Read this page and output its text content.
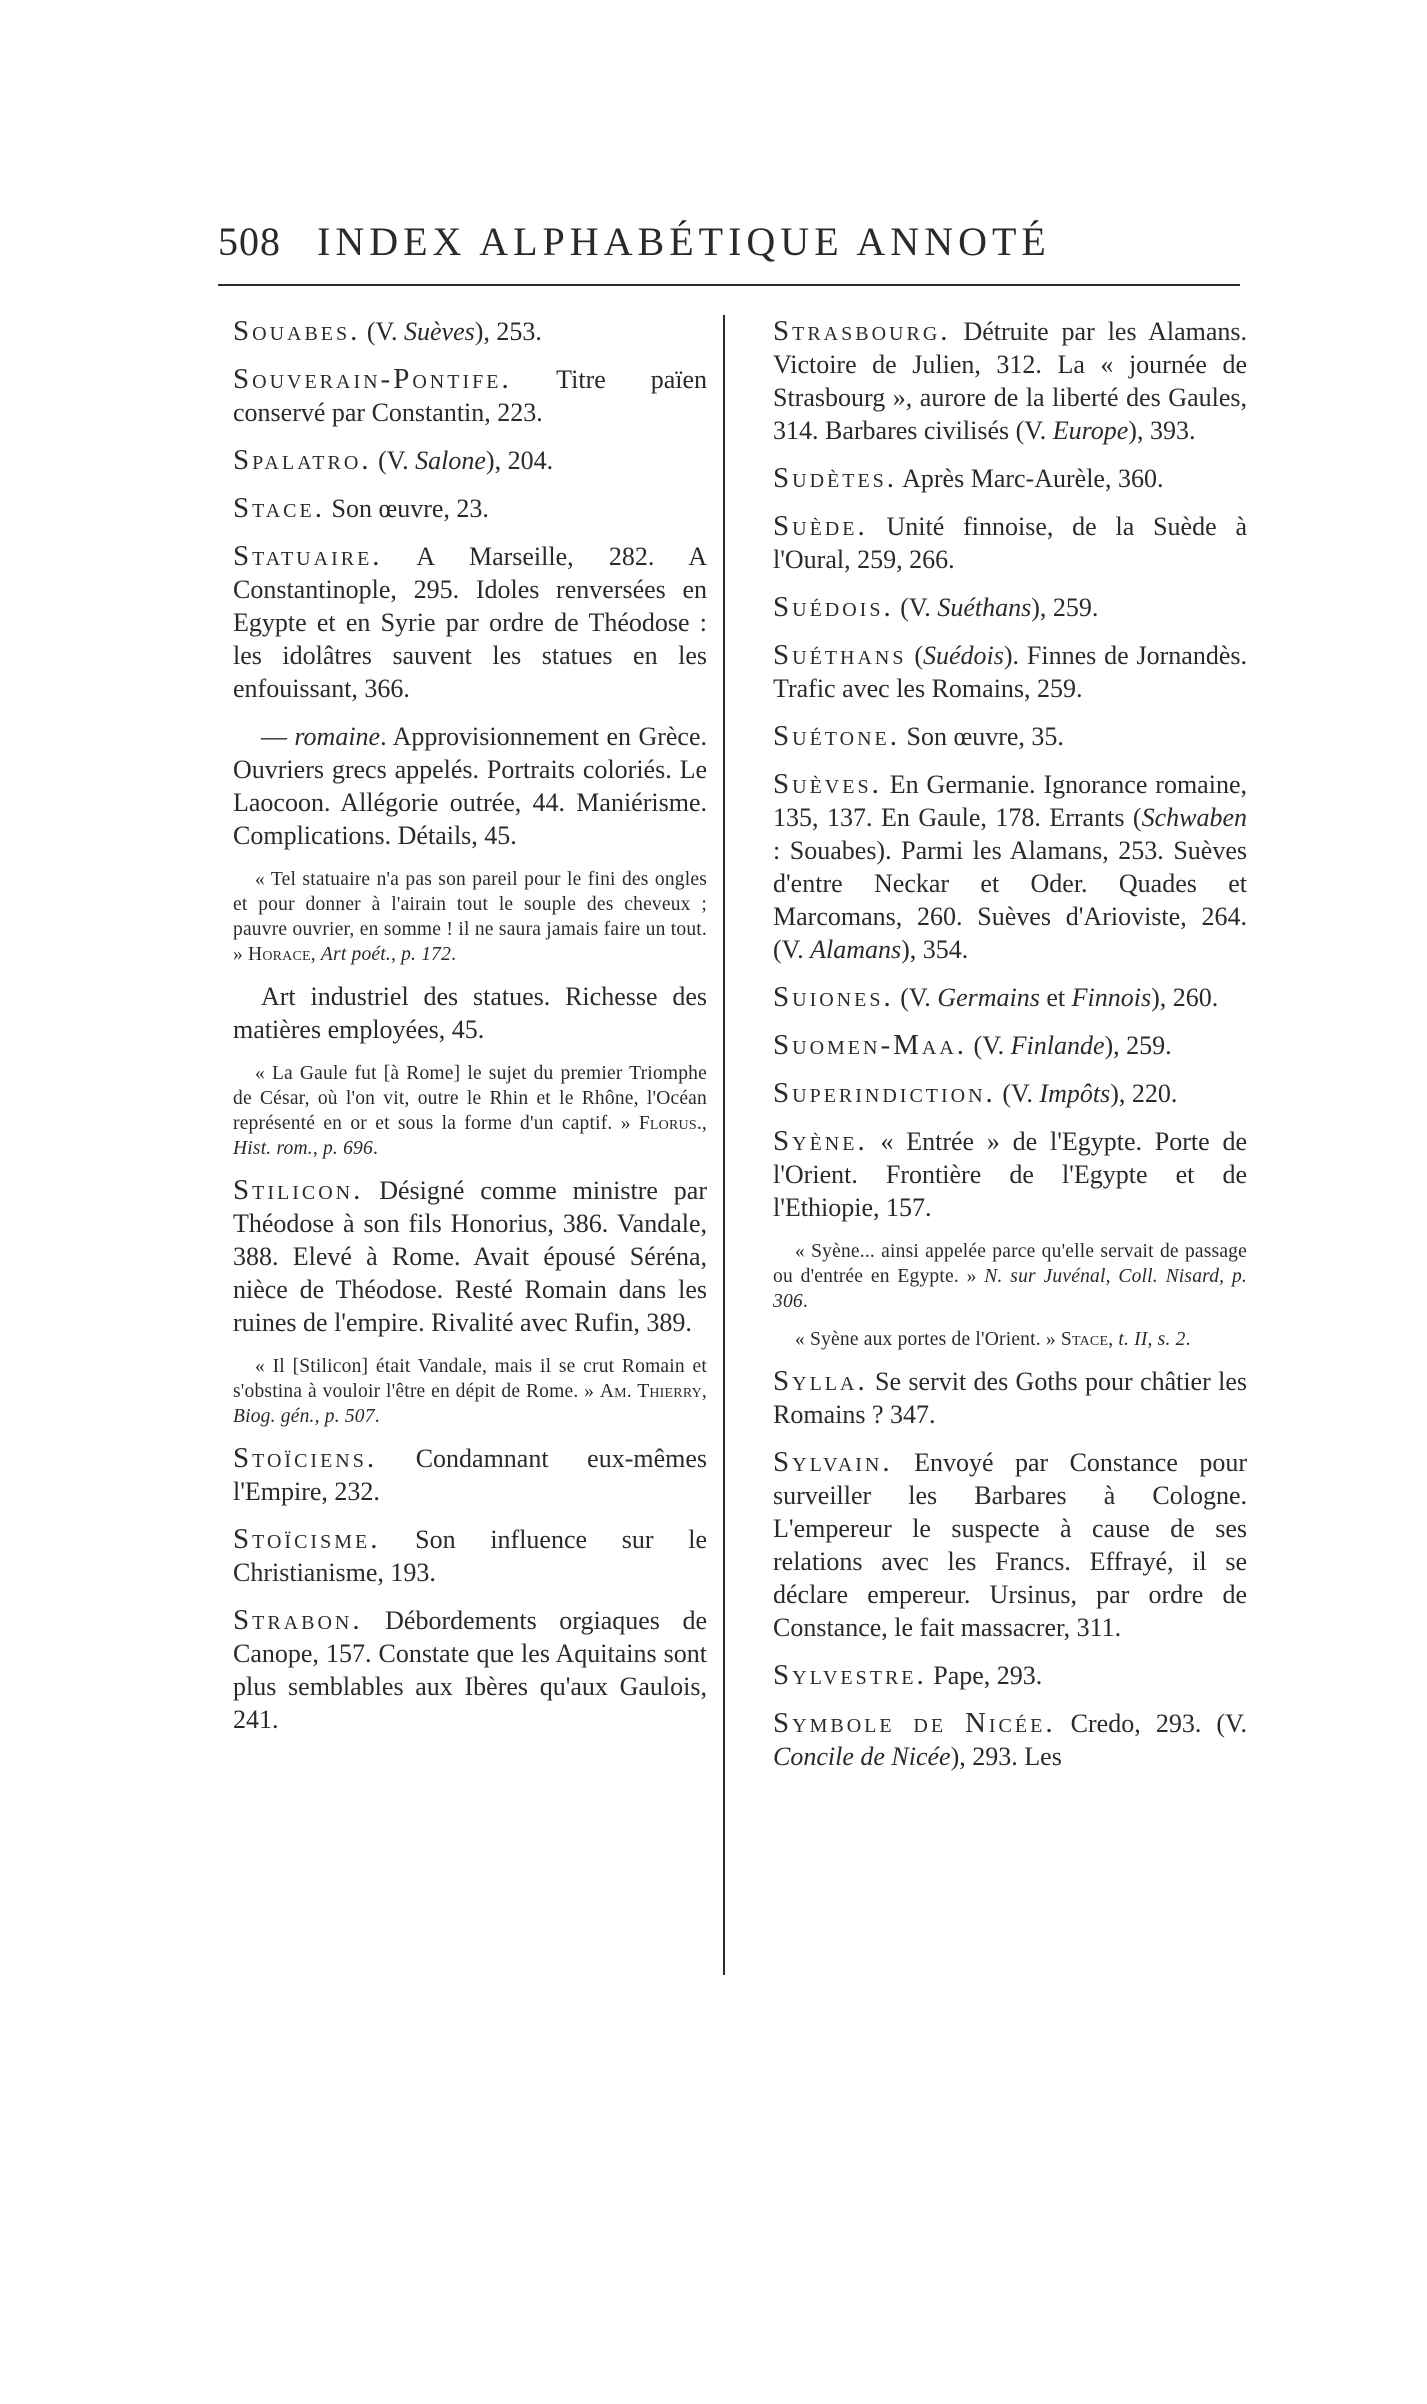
508 INDEX ALPHABÉTIQUE ANNOTÉ

Souabes. (V. Suèves), 253.

Souverain-Pontife. Titre païen conservé par Constantin, 223.

Spalatro. (V. Salone), 204.

Stace. Son œuvre, 23.

Statuaire. A Marseille, 282. A Constantinople, 295. Idoles renversées en Egypte et en Syrie par ordre de Théodose : les idolâtres sauvent les statues en les enfouissant, 366.

— romaine. Approvisionnement en Grèce. Ouvriers grecs appelés. Portraits coloriés. Le Laocoon. Allégorie outrée, 44. Maniérisme. Complications. Détails, 45.

« Tel statuaire n'a pas son pareil pour le fini des ongles et pour donner à l'airain tout le souple des cheveux ; pauvre ouvrier, en somme ! il ne saura jamais faire un tout. » Horace, Art poét., p. 172.

Art industriel des statues. Richesse des matières employées, 45.

« La Gaule fut [à Rome] le sujet du premier Triomphe de César, où l'on vit, outre le Rhin et le Rhône, l'Océan représenté en or et sous la forme d'un captif. » Florus., Hist. rom., p. 696.

Stilicon. Désigné comme ministre par Théodose à son fils Honorius, 386. Vandale, 388. Elevé à Rome. Avait épousé Séréna, nièce de Théodose. Resté Romain dans les ruines de l'empire. Rivalité avec Rufin, 389.

« Il [Stilicon] était Vandale, mais il se crut Romain et s'obstina à vouloir l'être en dépit de Rome. » Am. Thierry, Biog. gén., p. 507.

Stoïciens. Condamnant eux-mêmes l'Empire, 232.

Stoïcisme. Son influence sur le Christianisme, 193.

Strabon. Débordements orgiaques de Canope, 157. Constate que les Aquitains sont plus semblables aux Ibères qu'aux Gaulois, 241.

Strasbourg. Détruite par les Alamans. Victoire de Julien, 312. La « journée de Strasbourg », aurore de la liberté des Gaules, 314. Barbares civilisés (V. Europe), 393.

Sudètes. Après Marc-Aurèle, 360.

Suède. Unité finnoise, de la Suède à l'Oural, 259, 266.

Suédois. (V. Suéthans), 259.

Suéthans (Suédois). Finnes de Jornandès. Trafic avec les Romains, 259.

Suétone. Son œuvre, 35.

Suèves. En Germanie. Ignorance romaine, 135, 137. En Gaule, 178. Errants (Schwaben : Souabes). Parmi les Alamans, 253. Suèves d'entre Neckar et Oder. Quades et Marcomans, 260. Suèves d'Arioviste, 264. (V. Alamans), 354.

Suiones. (V. Germains et Finnois), 260.

Suomen-Maa. (V. Finlande), 259.

Superindiction. (V. Impôts), 220.

Syène. « Entrée » de l'Egypte. Porte de l'Orient. Frontière de l'Egypte et de l'Ethiopie, 157.

« Syène... ainsi appelée parce qu'elle servait de passage ou d'entrée en Egypte. » N. sur Juvénal, Coll. Nisard, p. 306.

« Syène aux portes de l'Orient. » Stace, t. II, s. 2.

Sylla. Se servit des Goths pour châtier les Romains ? 347.

Sylvain. Envoyé par Constance pour surveiller les Barbares à Cologne. L'empereur le suspecte à cause de ses relations avec les Francs. Effrayé, il se déclare empereur. Ursinus, par ordre de Constance, le fait massacrer, 311.

Sylvestre. Pape, 293.

Symbole de Nicée. Credo, 293. (V. Concile de Nicée), 293. Les
